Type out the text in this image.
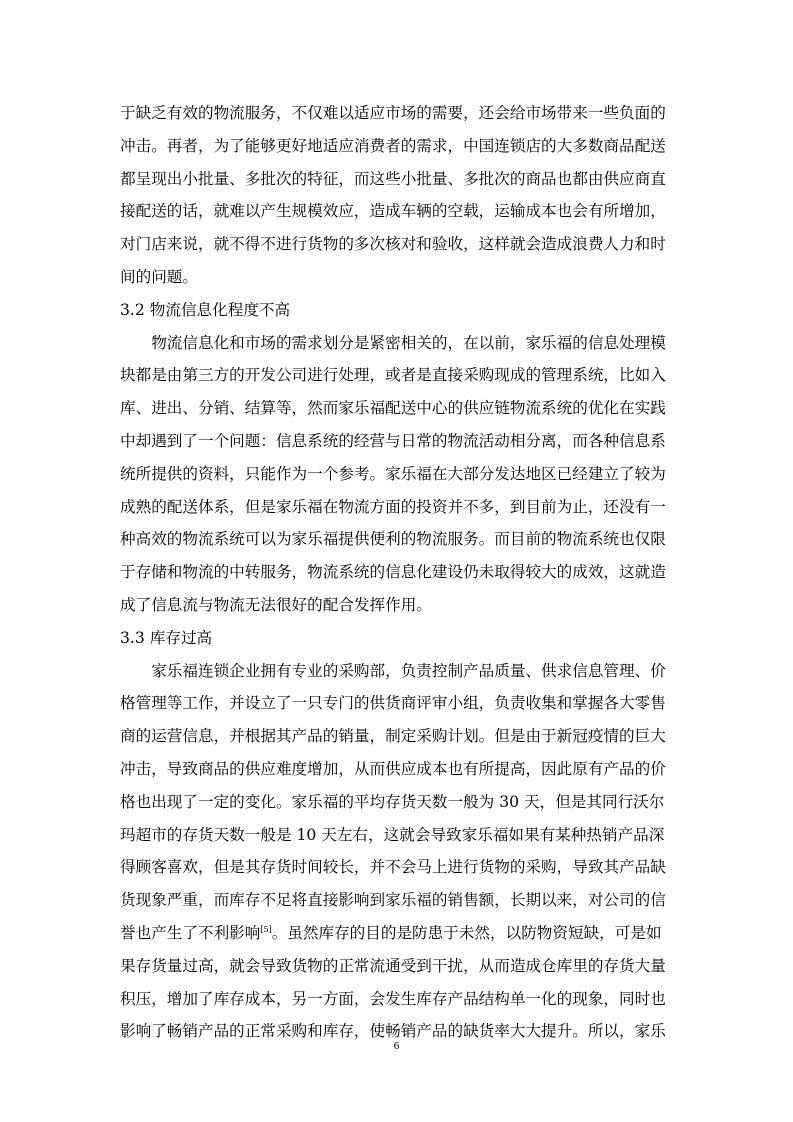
于缺乏有效的物流服务，不仅难以适应市场的需要，还会给市场带来一些负面的
冲击。再者，为了能够更好地适应消费者的需求，中国连锁店的大多数商品配送
都呈现出小批量、多批次的特征，而这些小批量、多批次的商品也都由供应商直
接配送的话，就难以产生规模效应，造成车辆的空载，运输成本也会有所增加，
对门店来说，就不得不进行货物的多次核对和验收，这样就会造成浪费人力和时
间的问题。
3.2 物流信息化程度不高
　　物流信息化和市场的需求划分是紧密相关的，在以前，家乐福的信息处理模
块都是由第三方的开发公司进行处理，或者是直接采购现成的管理系统，比如入
库、进出、分销、结算等，然而家乐福配送中心的供应链物流系统的优化在实践
中却遇到了一个问题：信息系统的经营与日常的物流活动相分离，而各种信息系
统所提供的资料，只能作为一个参考。家乐福在大部分发达地区已经建立了较为
成熟的配送体系，但是家乐福在物流方面的投资并不多，到目前为止，还没有一
种高效的物流系统可以为家乐福提供便利的物流服务。而目前的物流系统也仅限
于存储和物流的中转服务，物流系统的信息化建设仍未取得较大的成效，这就造
成了信息流与物流无法很好的配合发挥作用。
3.3 库存过高
　　家乐福连锁企业拥有专业的采购部，负责控制产品质量、供求信息管理、价
格管理等工作，并设立了一只专门的供货商评审小组，负责收集和掌握各大零售
商的运营信息，并根据其产品的销量，制定采购计划。但是由于新冠疫情的巨大
冲击，导致商品的供应难度增加，从而供应成本也有所提高，因此原有产品的价
格也出现了一定的变化。家乐福的平均存货天数一般为 30 天，但是其同行沃尔
玛超市的存货天数一般是 10 天左右，这就会导致家乐福如果有某种热销产品深
得顾客喜欢，但是其存货时间较长，并不会马上进行货物的采购，导致其产品缺
货现象严重，而库存不足将直接影响到家乐福的销售额，长期以来，对公司的信
誉也产生了不利影响[5]。虽然库存的目的是防患于未然，以防物资短缺，可是如
果存货量过高，就会导致货物的正常流通受到干扰，从而造成仓库里的存货大量
积压，增加了库存成本，另一方面，会发生库存产品结构单一化的现象，同时也
影响了畅销产品的正常采购和库存，使畅销产品的缺货率大大提升。所以，家乐
6
